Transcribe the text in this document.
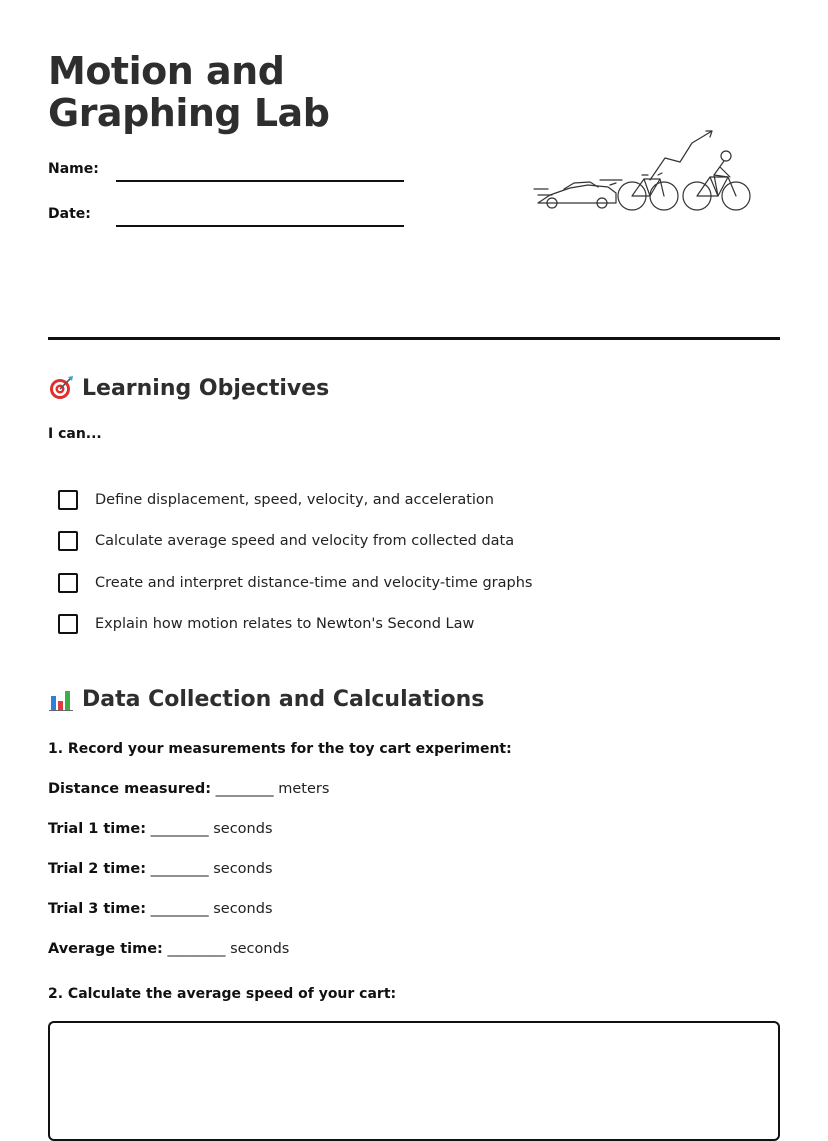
Motion and Graphing Lab
Name:
Date:
Learning Objectives
I can...
Define displacement, speed, velocity, and acceleration
Calculate average speed and velocity from collected data
Create and interpret distance-time and velocity-time graphs
Explain how motion relates to Newton's Second Law
Data Collection and Calculations
1. Record your measurements for the toy cart experiment:
Distance measured: ________ meters
Trial 1 time: ________ seconds
Trial 2 time: ________ seconds
Trial 3 time: ________ seconds
Average time: ________ seconds
2. Calculate the average speed of your cart:
